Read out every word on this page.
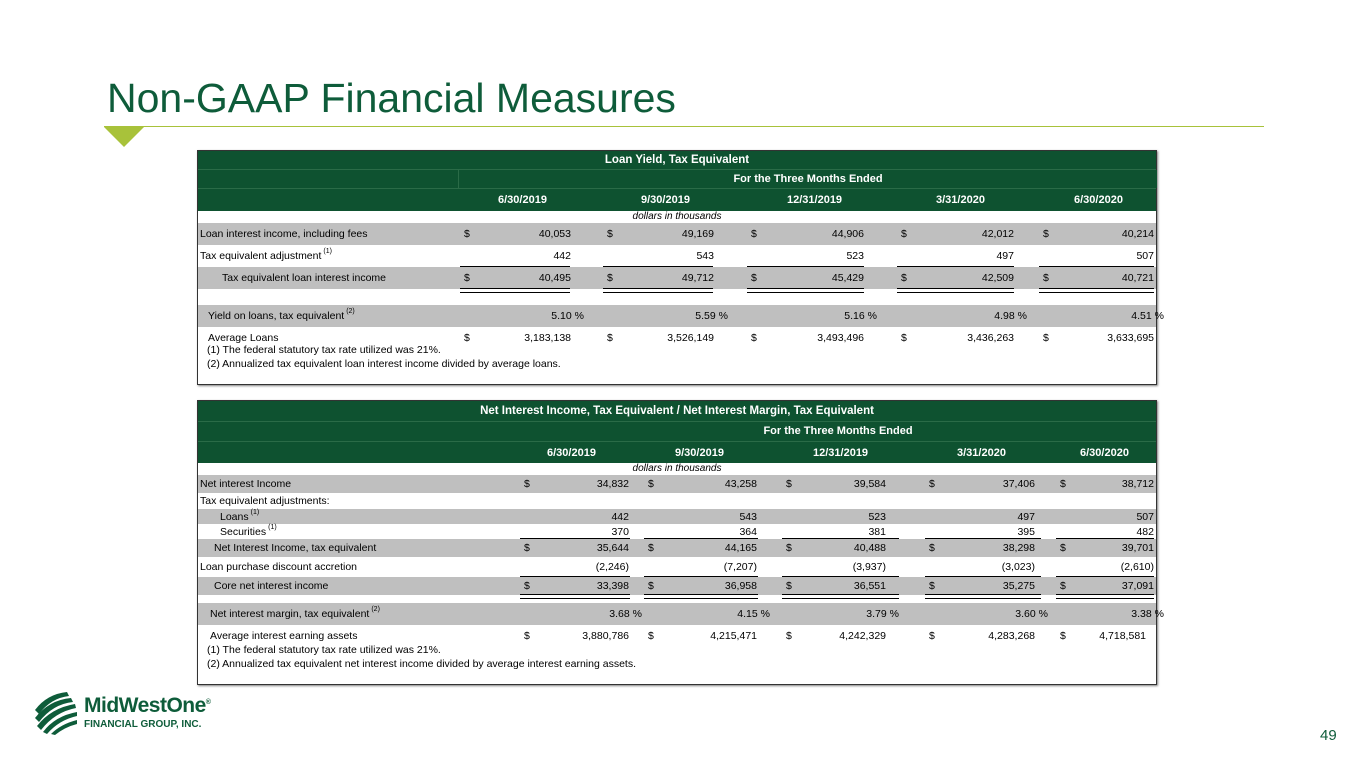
Non-GAAP Financial Measures
Loan Yield, Tax Equivalent
For the Three Months Ended
6/30/2019	9/30/2019	12/31/2019	3/31/2020	6/30/2020
dollars in thousands
Loan interest income, including fees	$	40,053	$	49,169	$	44,906	$	42,012	$	40,214
Tax equivalent adjustment $^{(1)}$	442	543	523	497	507
Tax equivalent loan interest income	$	40,495	$	49,712	$	45,429	$	42,509	$	40,721
Yield on loans, tax equivalent $^{(2)}$	5.10 %	5.59 %	5.16 %	4.98 %	4.51 %
Average Loans	$	3,183,138	$	3,526,149	$	3,493,496	$	3,436,263	$	3,633,695
(1) The federal statutory tax rate utilized was 21%.
(2) Annualized tax equivalent loan interest income divided by average loans.
Net Interest Income, Tax Equivalent / Net Interest Margin, Tax Equivalent
For the Three Months Ended
6/30/2019	9/30/2019	12/31/2019	3/31/2020	6/30/2020
dollars in thousands
Net interest Income	$	34,832 $	43,258	$	39,584	$	37,406 $	38,712
Tax equivalent adjustments:
Loans $^{(1)}$	442	543	523	497	507
Securities $^{(1)}$	370	364	381	395	482
Net Interest Income, tax equivalent	$	35,644 $	44,165	$	40,488	$	38,298 $	39,701
Loan purchase discount accretion	(2,246)	(7,207)	(3,937)	(3,023)	(2,610)
Core net interest income	$	33,398 $	36,958	$	36,551	$	35,275 $	37,091
Net interest margin, tax equivalent $^{(2)}$	3.68 %	4.15 %	3.79 %	3.60 %	3.38 %
Average interest earning assets	$	3,880,786 $	4,215,471	$	4,242,329	$	4,283,268 $	4,718,581
(1) The federal statutory tax rate utilized was 21%.
(2) Annualized tax equivalent net interest income divided by average interest earning assets.
MidWestOne®
FINANCIAL GROUP, INC.
49
